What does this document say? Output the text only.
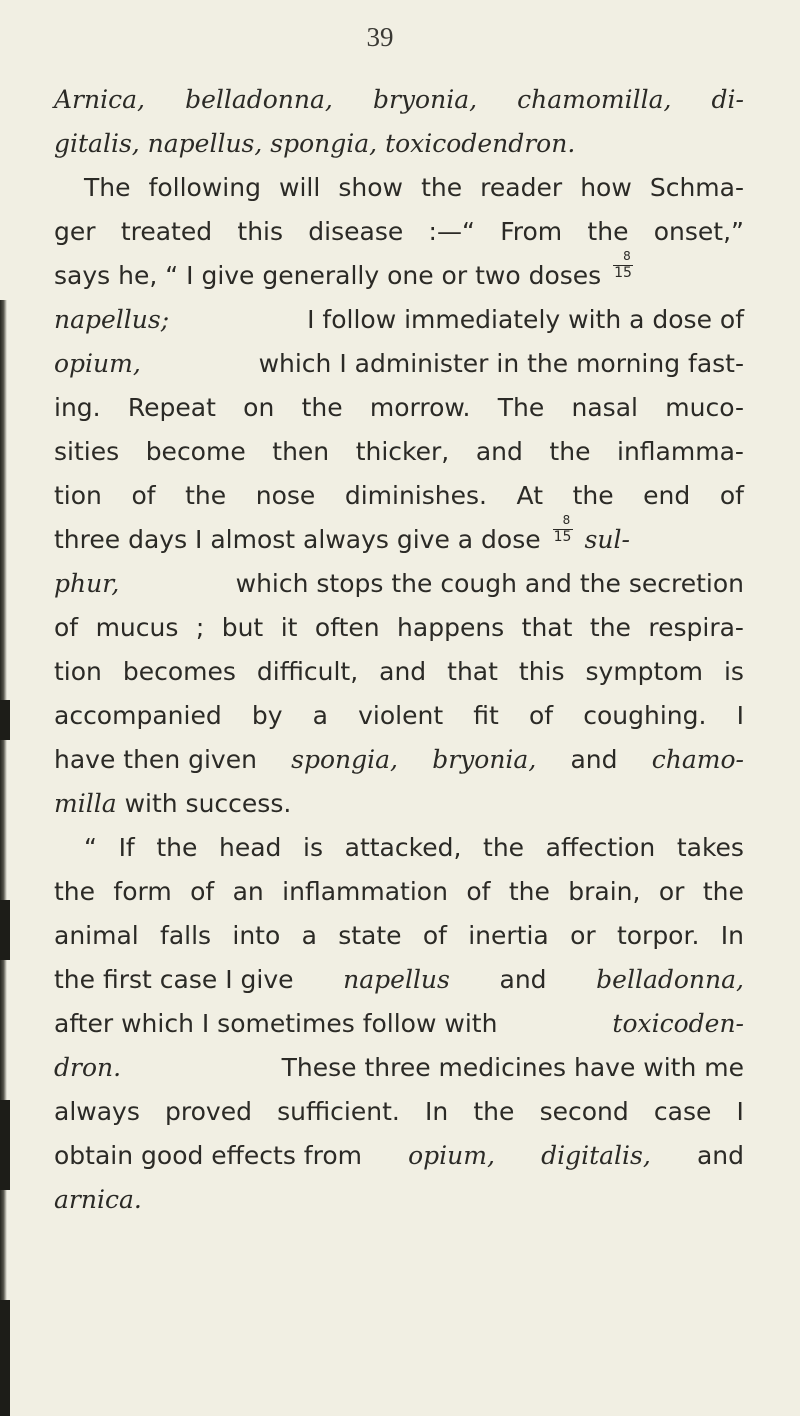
39
Arnica, belladonna, bryonia, chamomilla, di-
gitalis, napellus, spongia, toxicodendron.
The following will show the reader how Schma-
ger treated this disease :—“ From the onset,”
says he, “ I give generally one or two doses $\frac{8}{15}$
napellus;	I follow immediately with a dose of
opium,	which I administer in the morning fast-
ing. Repeat on the morrow. The nasal muco-
sities become then thicker, and the inflamma-
tion of the nose diminishes. At the end of
three days I almost always give a dose $\frac{8}{15} sul-$
phur,	which stops the cough and the secretion
of mucus ; but it often happens that the respira-
tion becomes difficult, and that this symptom is
accompanied by a violent fit of coughing. I
have then given spongia, bryonia, and chamo-
milla with success.
“ If the head is attacked, the affection takes
the form of an inflammation of the brain, or the
animal falls into a state of inertia or torpor. In
the first case I give napellus and belladonna,
after which I sometimes follow with	toxicoden-
dron.	These three medicines have with me
always proved sufficient. In the second case I
obtain good effects from opium, digitalis, and
arnica.
